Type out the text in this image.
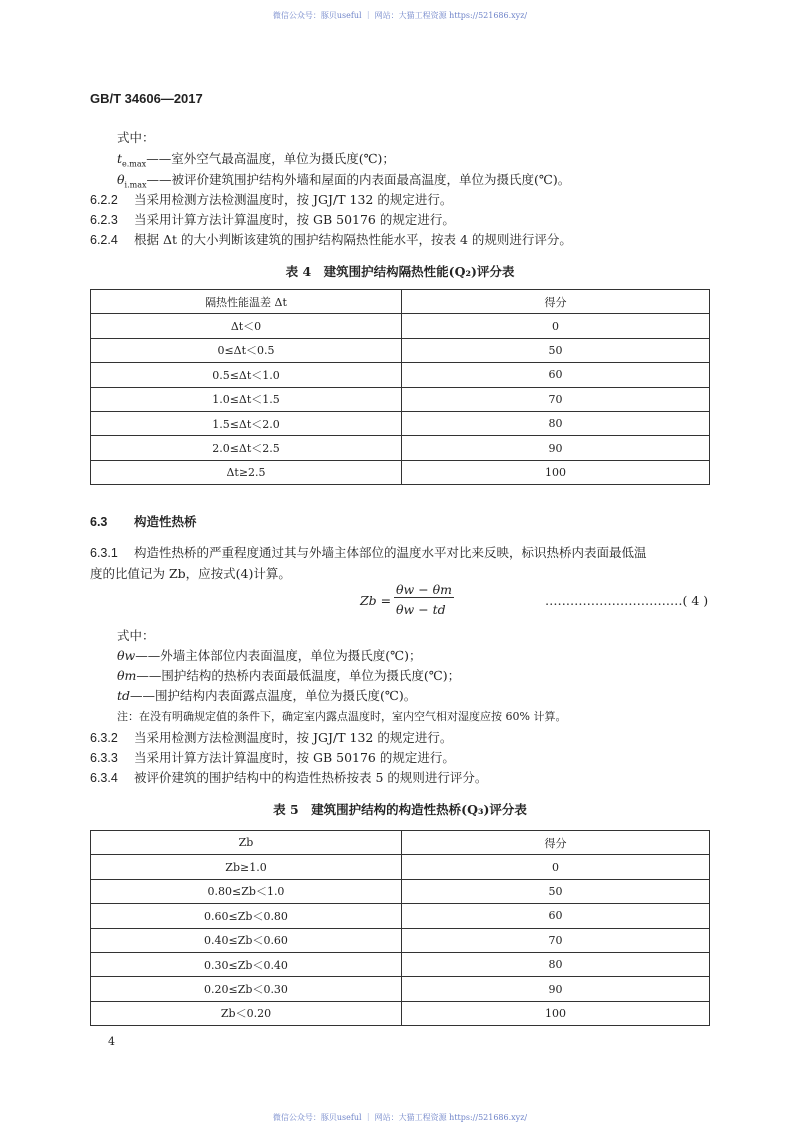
微信公众号：豚贝useful ｜ 网站：大猫工程资源 https://521686.xyz/
GB/T 34606—2017
式中：
$t_{e.max}——$室外空气最高温度，单位为摄氏度(℃)；
$\theta_{i.max}——$被评价建筑围护结构外墙和屋面的内表面最高温度，单位为摄氏度(℃)。
6.2.2 当采用检测方法检测温度时，按 JGJ/T 132 的规定进行。
6.2.3 当采用计算方法计算温度时，按 GB 50176 的规定进行。
6.2.4 根据 Δt 的大小判断该建筑的围护结构隔热性能水平，按表 4 的规则进行评分。
表 4　建筑围护结构隔热性能(Q₂)评分表
隔热性能温差 Δt	得分
Δt＜0	0
0≤Δt＜0.5	50
0.5≤Δt＜1.0	60
1.0≤Δt＜1.5	70
1.5≤Δt＜2.0	80
2.0≤Δt＜2.5	90
Δt≥2.5	100
6.3 构造性热桥
6.3.1 构造性热桥的严重程度通过其与外墙主体部位的温度水平对比来反映，标识热桥内表面最低温
度的比值记为 Zb，应按式(4)计算。
Zb =
θw − θm
θw − td
……………………………( 4 )
式中：
θw——外墙主体部位内表面温度，单位为摄氏度(℃)；
θm——围护结构的热桥内表面最低温度，单位为摄氏度(℃)；
td——围护结构内表面露点温度，单位为摄氏度(℃)。
注：在没有明确规定值的条件下，确定室内露点温度时，室内空气相对湿度应按 60% 计算。
6.3.2 当采用检测方法检测温度时，按 JGJ/T 132 的规定进行。
6.3.3 当采用计算方法计算温度时，按 GB 50176 的规定进行。
6.3.4 被评价建筑的围护结构中的构造性热桥按表 5 的规则进行评分。
表 5　建筑围护结构的构造性热桥(Q₃)评分表
Zb	得分
Zb≥1.0	0
0.80≤Zb＜1.0	50
0.60≤Zb＜0.80	60
0.40≤Zb＜0.60	70
0.30≤Zb＜0.40	80
0.20≤Zb＜0.30	90
Zb＜0.20	100
4
微信公众号：豚贝useful ｜ 网站：大猫工程资源 https://521686.xyz/
